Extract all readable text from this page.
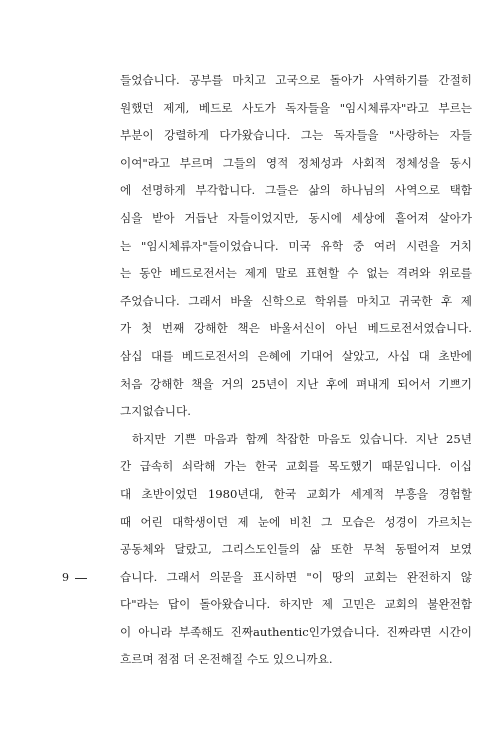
들었습니다. 공부를 마치고 고국으로 돌아가 사역하기를 간절히
원했던 제게, 베드로 사도가 독자들을 "임시체류자"라고 부르는
부분이 강렬하게 다가왔습니다. 그는 독자들을 "사랑하는 자들
이여"라고 부르며 그들의 영적 정체성과 사회적 정체성을 동시
에 선명하게 부각합니다. 그들은 삶의 하나님의 사역으로 택함
심을 받아 거듭난 자들이었지만, 동시에 세상에 흩어져 살아가
는 "임시체류자"들이었습니다. 미국 유학 중 여러 시련을 거치
는 동안 베드로전서는 제게 말로 표현할 수 없는 격려와 위로를
주었습니다. 그래서 바울 신학으로 학위를 마치고 귀국한 후 제
가 첫 번째 강해한 책은 바울서신이 아닌 베드로전서였습니다.
삼십 대를 베드로전서의 은혜에 기대어 살았고, 사십 대 초반에
처음 강해한 책을 거의 25년이 지난 후에 펴내게 되어서 기쁘기
그지없습니다.
하지만 기쁜 마음과 함께 착잡한 마음도 있습니다. 지난 25년
간 급속히 쇠락해 가는 한국 교회를 목도했기 때문입니다. 이십
대 초반이었던 1980년대, 한국 교회가 세계적 부흥을 경험할
때 어린 대학생이던 제 눈에 비친 그 모습은 성경이 가르치는
공동체와 달랐고, 그리스도인들의 삶 또한 무척 동떨어져 보였
습니다. 그래서 의문을 표시하면 "이 땅의 교회는 완전하지 않
다"라는 답이 돌아왔습니다. 하지만 제 고민은 교회의 불완전함
이 아니라 부족해도 진짜authentic인가였습니다. 진짜라면 시간이
흐르며 점점 더 온전해질 수도 있으니까요.
9
